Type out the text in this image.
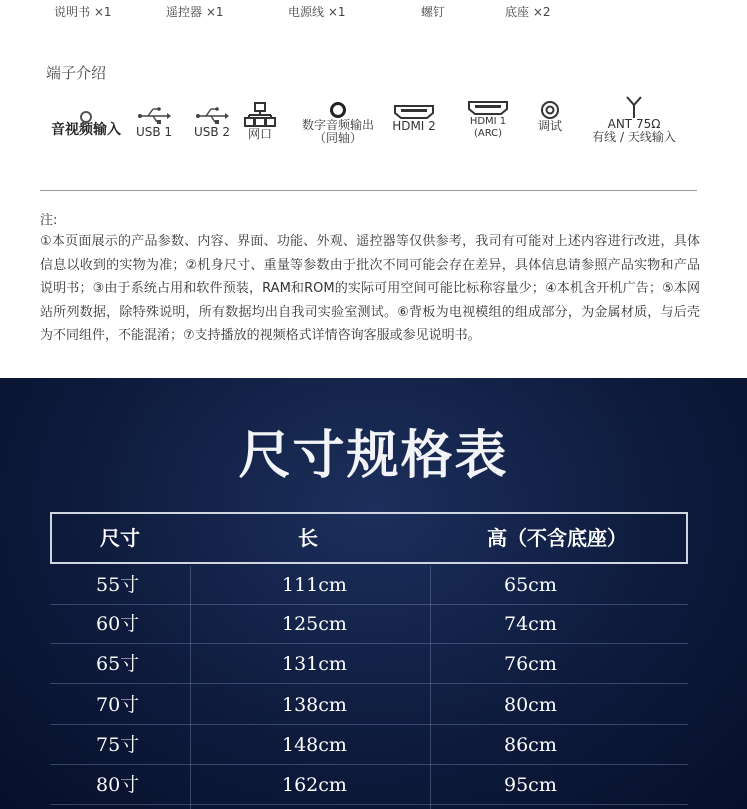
说明书 ×1	遥控器 ×1	电源线 ×1	螺钉	底座 ×2
端子介绍
音视频输入	USB 1	USB 2	网口
数字音频输出
（同轴）
HDMI 2	HDMI 1
(ARC)
调试	ANT 75Ω
有线 / 天线输入
注:
①本页面展示的产品参数、内容、界面、功能、外观、遥控器等仅供参考，我司有可能对上述内容进行改进，具体信息以收到的实物为准；②机身尺寸、重量等参数由于批次不同可能会存在差异，具体信息请参照产品实物和产品说明书；③由于系统占用和软件预装，RAM和ROM的实际可用空间可能比标称容量少；④本机含开机广告；⑤本网站所列数据，除特殊说明，所有数据均出自我司实验室测试。⑥背板为电视模组的组成部分，为金属材质，与后壳为不同组件，不能混淆；⑦支持播放的视频格式详情咨询客服或参见说明书。
尺寸规格表
尺寸	长	高（不含底座）
55寸	111cm	65cm
60寸	125cm	74cm
65寸	131cm	76cm
70寸	138cm	80cm
75寸	148cm	86cm
80寸	162cm	95cm
